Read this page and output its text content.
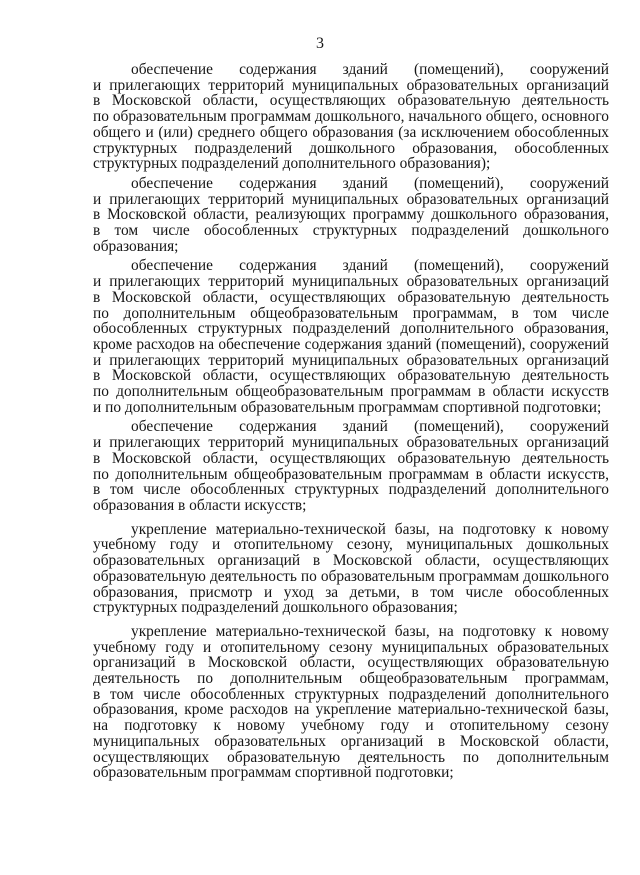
3

обеспечение содержания зданий (помещений), сооружений
и прилегающих территорий муниципальных образовательных организаций
в Московской области, осуществляющих образовательную деятельность
по образовательным программам дошкольного, начального общего, основного
общего и (или) среднего общего образования (за исключением обособленных
структурных подразделений дошкольного образования, обособленных
структурных подразделений дополнительного образования);

обеспечение содержания зданий (помещений), сооружений
и прилегающих территорий муниципальных образовательных организаций
в Московской области, реализующих программу дошкольного образования,
в том числе обособленных структурных подразделений дошкольного
образования;

обеспечение содержания зданий (помещений), сооружений
и прилегающих территорий муниципальных образовательных организаций
в Московской области, осуществляющих образовательную деятельность
по дополнительным общеобразовательным программам, в том числе
обособленных структурных подразделений дополнительного образования,
кроме расходов на обеспечение содержания зданий (помещений), сооружений
и прилегающих территорий муниципальных образовательных организаций
в Московской области, осуществляющих образовательную деятельность
по дополнительным общеобразовательным программам в области искусств
и по дополнительным образовательным программам спортивной подготовки;

обеспечение содержания зданий (помещений), сооружений
и прилегающих территорий муниципальных образовательных организаций
в Московской области, осуществляющих образовательную деятельность
по дополнительным общеобразовательным программам в области искусств,
в том числе обособленных структурных подразделений дополнительного
образования в области искусств;

укрепление материально-технической базы, на подготовку к новому
учебному году и отопительному сезону, муниципальных дошкольных
образовательных организаций в Московской области, осуществляющих
образовательную деятельность по образовательным программам дошкольного
образования, присмотр и уход за детьми, в том числе обособленных
структурных подразделений дошкольного образования;

укрепление материально-технической базы, на подготовку к новому
учебному году и отопительному сезону муниципальных образовательных
организаций в Московской области, осуществляющих образовательную
деятельность по дополнительным общеобразовательным программам,
в том числе обособленных структурных подразделений дополнительного
образования, кроме расходов на укрепление материально-технической базы,
на подготовку к новому учебному году и отопительному сезону
муниципальных образовательных организаций в Московской области,
осуществляющих образовательную деятельность по дополнительным
образовательным программам спортивной подготовки;
